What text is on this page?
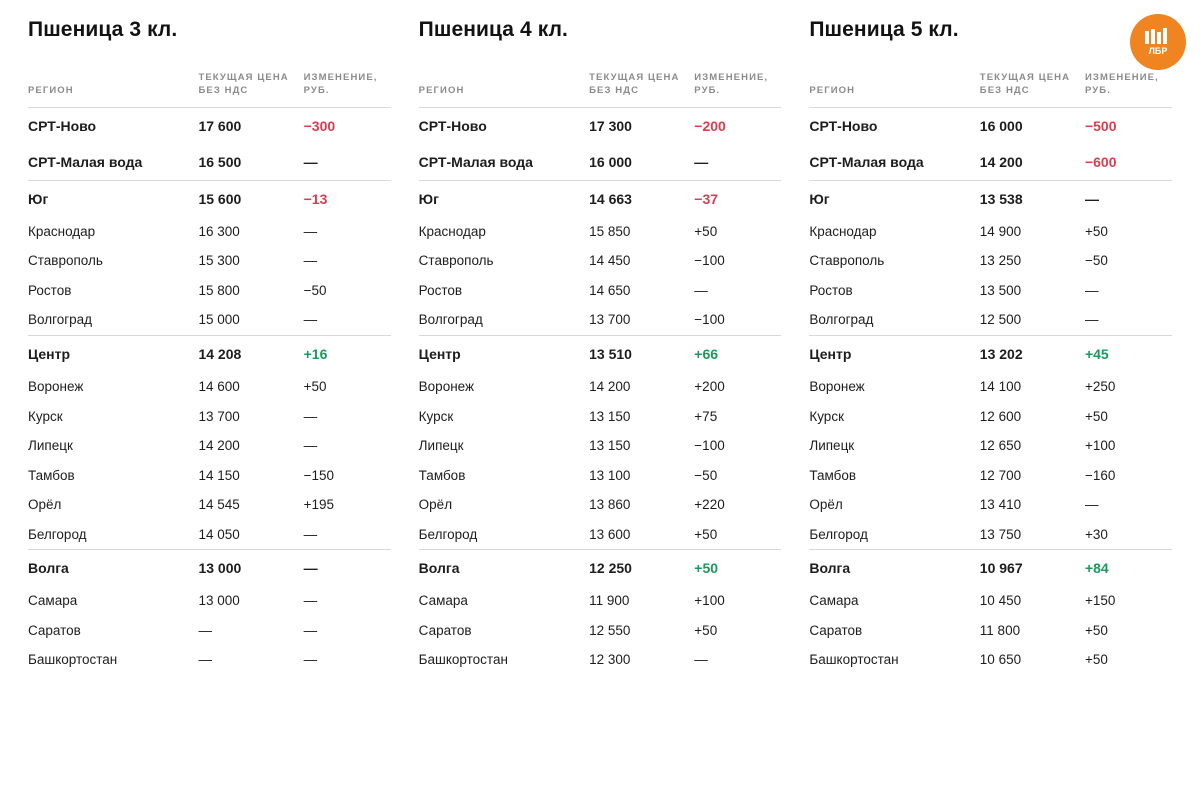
ЛБР
Пшеница 3 кл.
РЕГИОН	ТЕКУЩАЯ ЦЕНА БЕЗ НДС	ИЗМЕНЕНИЕ, РУБ.
СРТ-Ново	17 600	−300
СРТ-Малая вода	16 500	—
Юг	15 600	−13
Краснодар	16 300	—
Ставрополь	15 300	—
Ростов	15 800	−50
Волгоград	15 000	—
Центр	14 208	+16
Воронеж	14 600	+50
Курск	13 700	—
Липецк	14 200	—
Тамбов	14 150	−150
Орёл	14 545	+195
Белгород	14 050	—
Волга	13 000	—
Самара	13 000	—
Саратов	—	—
Башкортостан	—	—
Пшеница 4 кл.
РЕГИОН	ТЕКУЩАЯ ЦЕНА БЕЗ НДС	ИЗМЕНЕНИЕ, РУБ.
СРТ-Ново	17 300	−200
СРТ-Малая вода	16 000	—
Юг	14 663	−37
Краснодар	15 850	+50
Ставрополь	14 450	−100
Ростов	14 650	—
Волгоград	13 700	−100
Центр	13 510	+66
Воронеж	14 200	+200
Курск	13 150	+75
Липецк	13 150	−100
Тамбов	13 100	−50
Орёл	13 860	+220
Белгород	13 600	+50
Волга	12 250	+50
Самара	11 900	+100
Саратов	12 550	+50
Башкортостан	12 300	—
Пшеница 5 кл.
РЕГИОН	ТЕКУЩАЯ ЦЕНА БЕЗ НДС	ИЗМЕНЕНИЕ, РУБ.
СРТ-Ново	16 000	−500
СРТ-Малая вода	14 200	−600
Юг	13 538	—
Краснодар	14 900	+50
Ставрополь	13 250	−50
Ростов	13 500	—
Волгоград	12 500	—
Центр	13 202	+45
Воронеж	14 100	+250
Курск	12 600	+50
Липецк	12 650	+100
Тамбов	12 700	−160
Орёл	13 410	—
Белгород	13 750	+30
Волга	10 967	+84
Самара	10 450	+150
Саратов	11 800	+50
Башкортостан	10 650	+50
